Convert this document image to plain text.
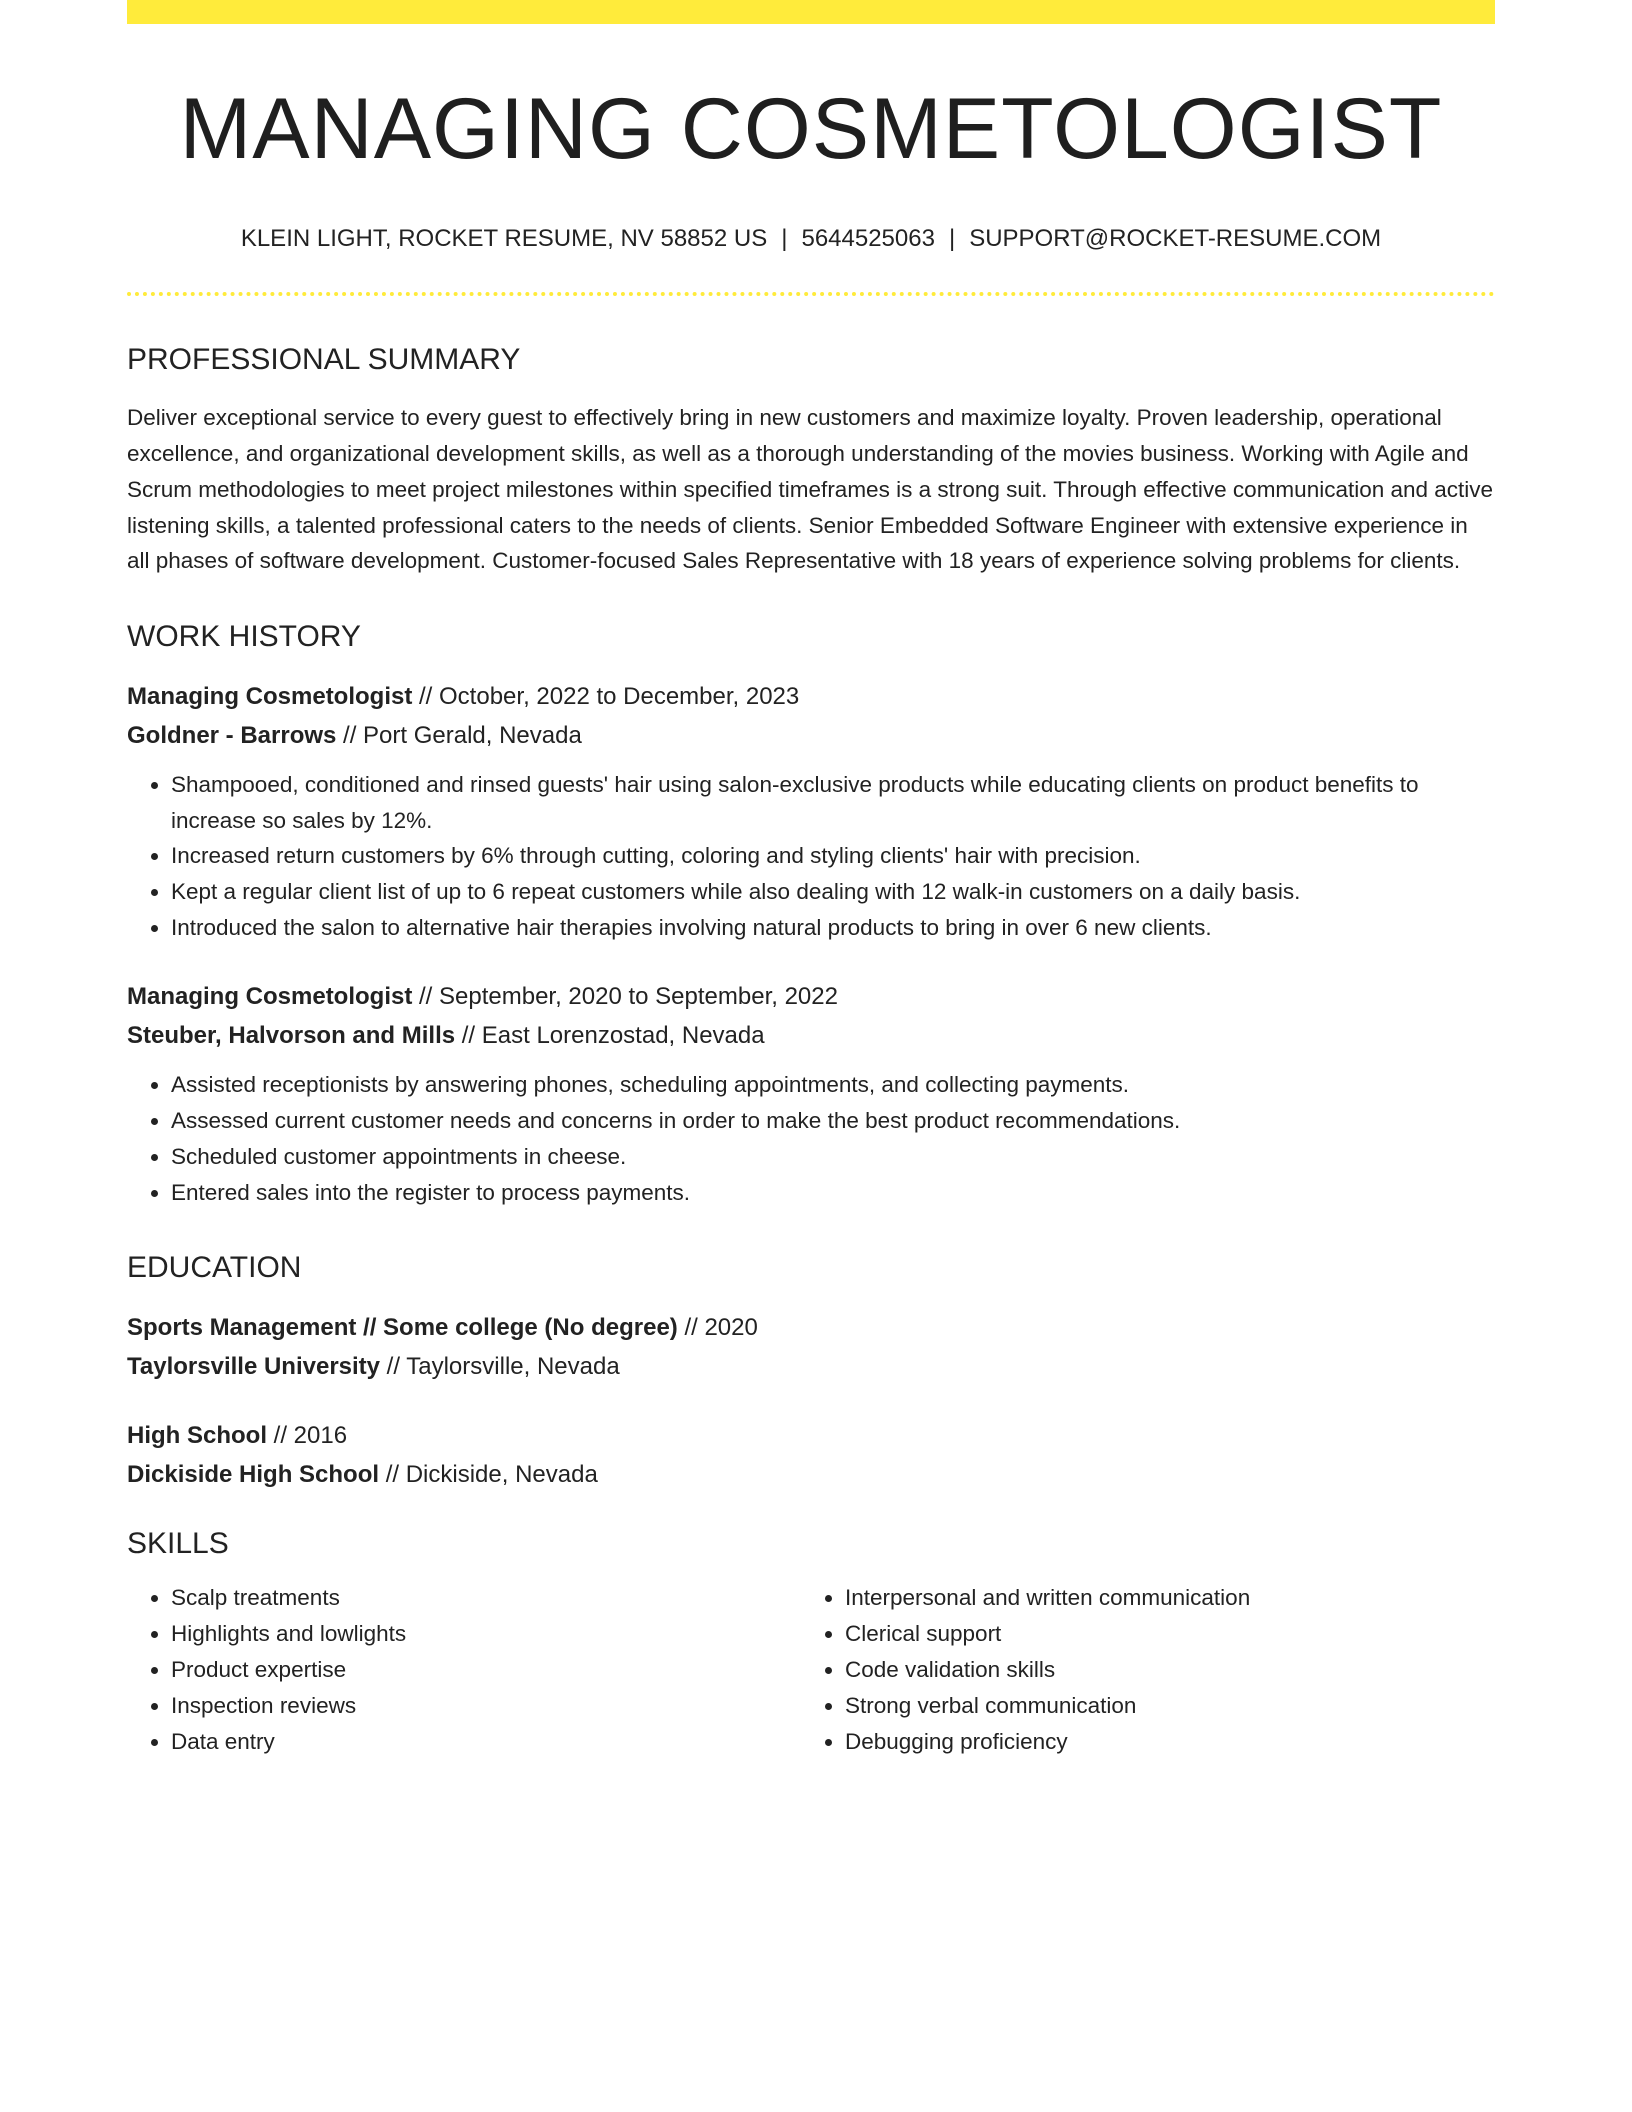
MANAGING COSMETOLOGIST
KLEIN LIGHT, ROCKET RESUME, NV 58852 US | 5644525063 | SUPPORT@ROCKET-RESUME.COM
PROFESSIONAL SUMMARY
Deliver exceptional service to every guest to effectively bring in new customers and maximize loyalty. Proven leadership, operational excellence, and organizational development skills, as well as a thorough understanding of the movies business. Working with Agile and Scrum methodologies to meet project milestones within specified timeframes is a strong suit. Through effective communication and active listening skills, a talented professional caters to the needs of clients. Senior Embedded Software Engineer with extensive experience in all phases of software development. Customer-focused Sales Representative with 18 years of experience solving problems for clients.
WORK HISTORY
Managing Cosmetologist // October, 2022 to December, 2023
Goldner - Barrows // Port Gerald, Nevada
• Shampooed, conditioned and rinsed guests' hair using salon-exclusive products while educating clients on product benefits to increase so sales by 12%.
• Increased return customers by 6% through cutting, coloring and styling clients' hair with precision.
• Kept a regular client list of up to 6 repeat customers while also dealing with 12 walk-in customers on a daily basis.
• Introduced the salon to alternative hair therapies involving natural products to bring in over 6 new clients.
Managing Cosmetologist // September, 2020 to September, 2022
Steuber, Halvorson and Mills // East Lorenzostad, Nevada
• Assisted receptionists by answering phones, scheduling appointments, and collecting payments.
• Assessed current customer needs and concerns in order to make the best product recommendations.
• Scheduled customer appointments in cheese.
• Entered sales into the register to process payments.
EDUCATION
Sports Management // Some college (No degree) // 2020
Taylorsville University // Taylorsville, Nevada
High School // 2016
Dickiside High School // Dickiside, Nevada
SKILLS
• Scalp treatments
• Highlights and lowlights
• Product expertise
• Inspection reviews
• Data entry
• Interpersonal and written communication
• Clerical support
• Code validation skills
• Strong verbal communication
• Debugging proficiency
